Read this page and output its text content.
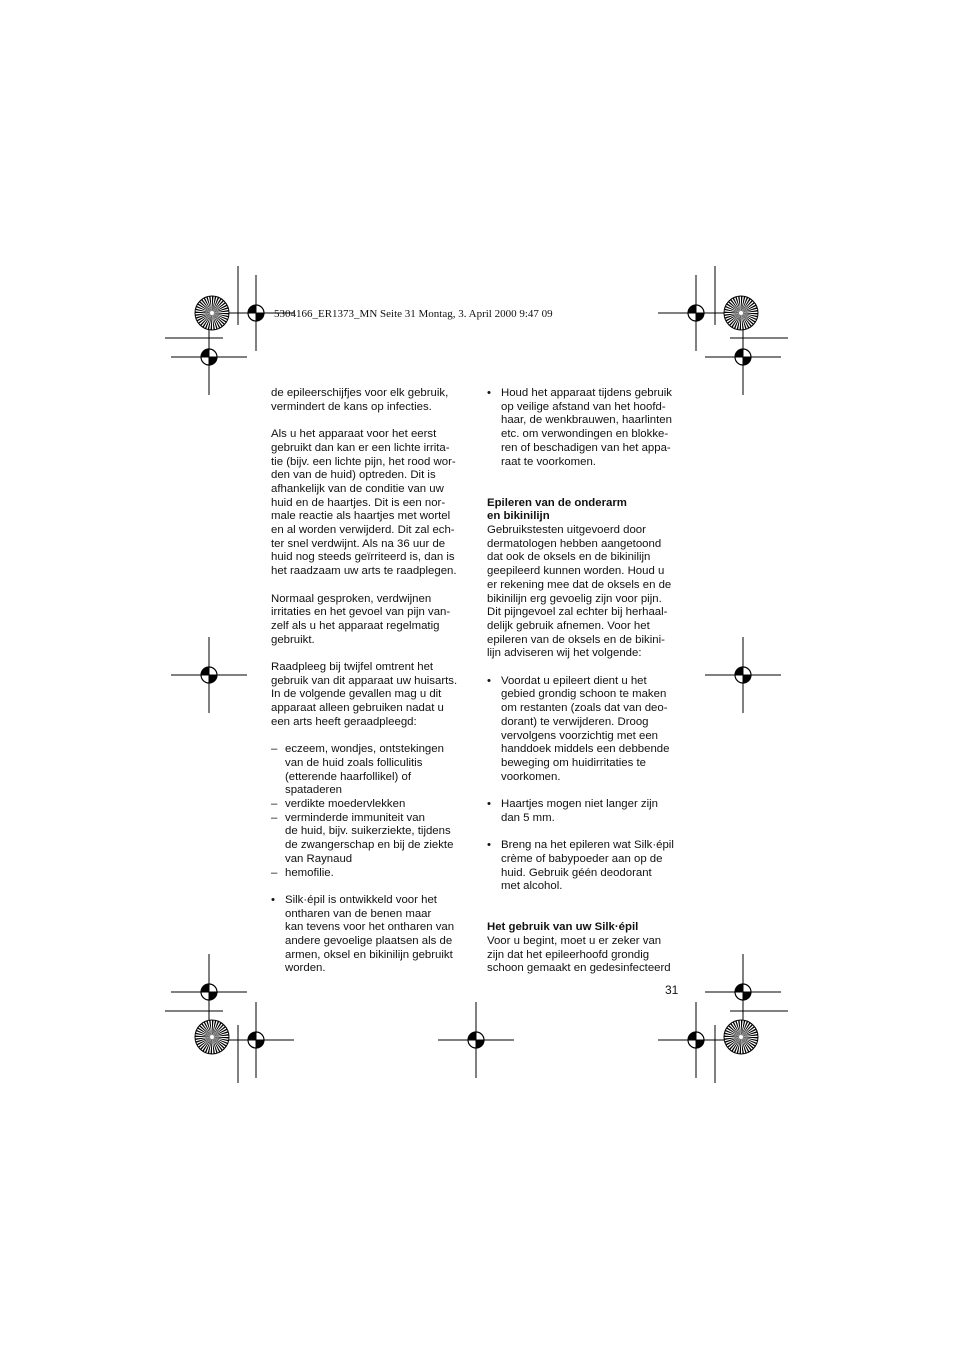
5304166_ER1373_MN Seite 31 Montag, 3. April 2000 9:47 09

de epileerschijfjes voor elk gebruik, vermindert de kans op infecties.

Als u het apparaat voor het eerst
gebruikt dan kan er een lichte irrita-
tie (bijv. een lichte pijn, het rood wor-
den van de huid) optreden. Dit is
afhankelijk van de conditie van uw
huid en de haartjes. Dit is een nor-
male reactie als haartjes met wortel
en al worden verwijderd. Dit zal ech-
ter snel verdwijnt. Als na 36 uur de
huid nog steeds geïrriteerd is, dan is
het raadzaam uw arts te raadplegen.
Normaal gesproken, verdwijnen
irritaties en het gevoel van pijn van-
zelf als u het apparaat regelmatig
gebruikt.
Raadpleeg bij twijfel omtrent het
gebruik van dit apparaat uw huisarts.
In de volgende gevallen mag u dit
apparaat alleen gebruiken nadat u
een arts heeft geraadpleegd:
– eczeem, wondjes, ontstekingen
van de huid zoals folliculitis
(etterende haarfollikel) of
spataderen
– verdikte moedervlekken
– verminderde immuniteit van
de huid, bijv. suikerziekte, tijdens
de zwangerschap en bij de ziekte
van Raynaud
– hemofilie.
• Silk·épil is ontwikkeld voor het
ontharen van de benen maar
kan tevens voor het ontharen van
andere gevoelige plaatsen als de
armen, oksel en bikinilijn gebruikt
worden.
• Houd het apparaat tijdens gebruik
op veilige afstand van het hoofd-
haar, de wenkbrauwen, haarlinten
etc. om verwondingen en blokke-
ren of beschadigen van het appa-
raat te voorkomen.
Epileren van de onderarm
en bikinilijn
Gebruikstesten uitgevoerd door
dermatologen hebben aangetoond
dat ook de oksels en de bikinilijn
geepileerd kunnen worden. Houd u
er rekening mee dat de oksels en de
bikinilijn erg gevoelig zijn voor pijn.
Dit pijngevoel zal echter bij herhaal-
delijk gebruik afnemen. Voor het
epileren van de oksels en de bikini-
lijn adviseren wij het volgende:
• Voordat u epileert dient u het
gebied grondig schoon te maken
om restanten (zoals dat van deo-
dorant) te verwijderen. Droog
vervolgens voorzichtig met een
handdoek middels een debbende
beweging om huidirritaties te
voorkomen.
• Haartjes mogen niet langer zijn
dan 5 mm.
• Breng na het epileren wat Silk·épil
crème of babypoeder aan op de
huid. Gebruik géén deodorant
met alcohol.
Het gebruik van uw Silk·épil
Voor u begint, moet u er zeker van
zijn dat het epileerhoofd grondig
schoon gemaakt en gedesinfecteerd
31
